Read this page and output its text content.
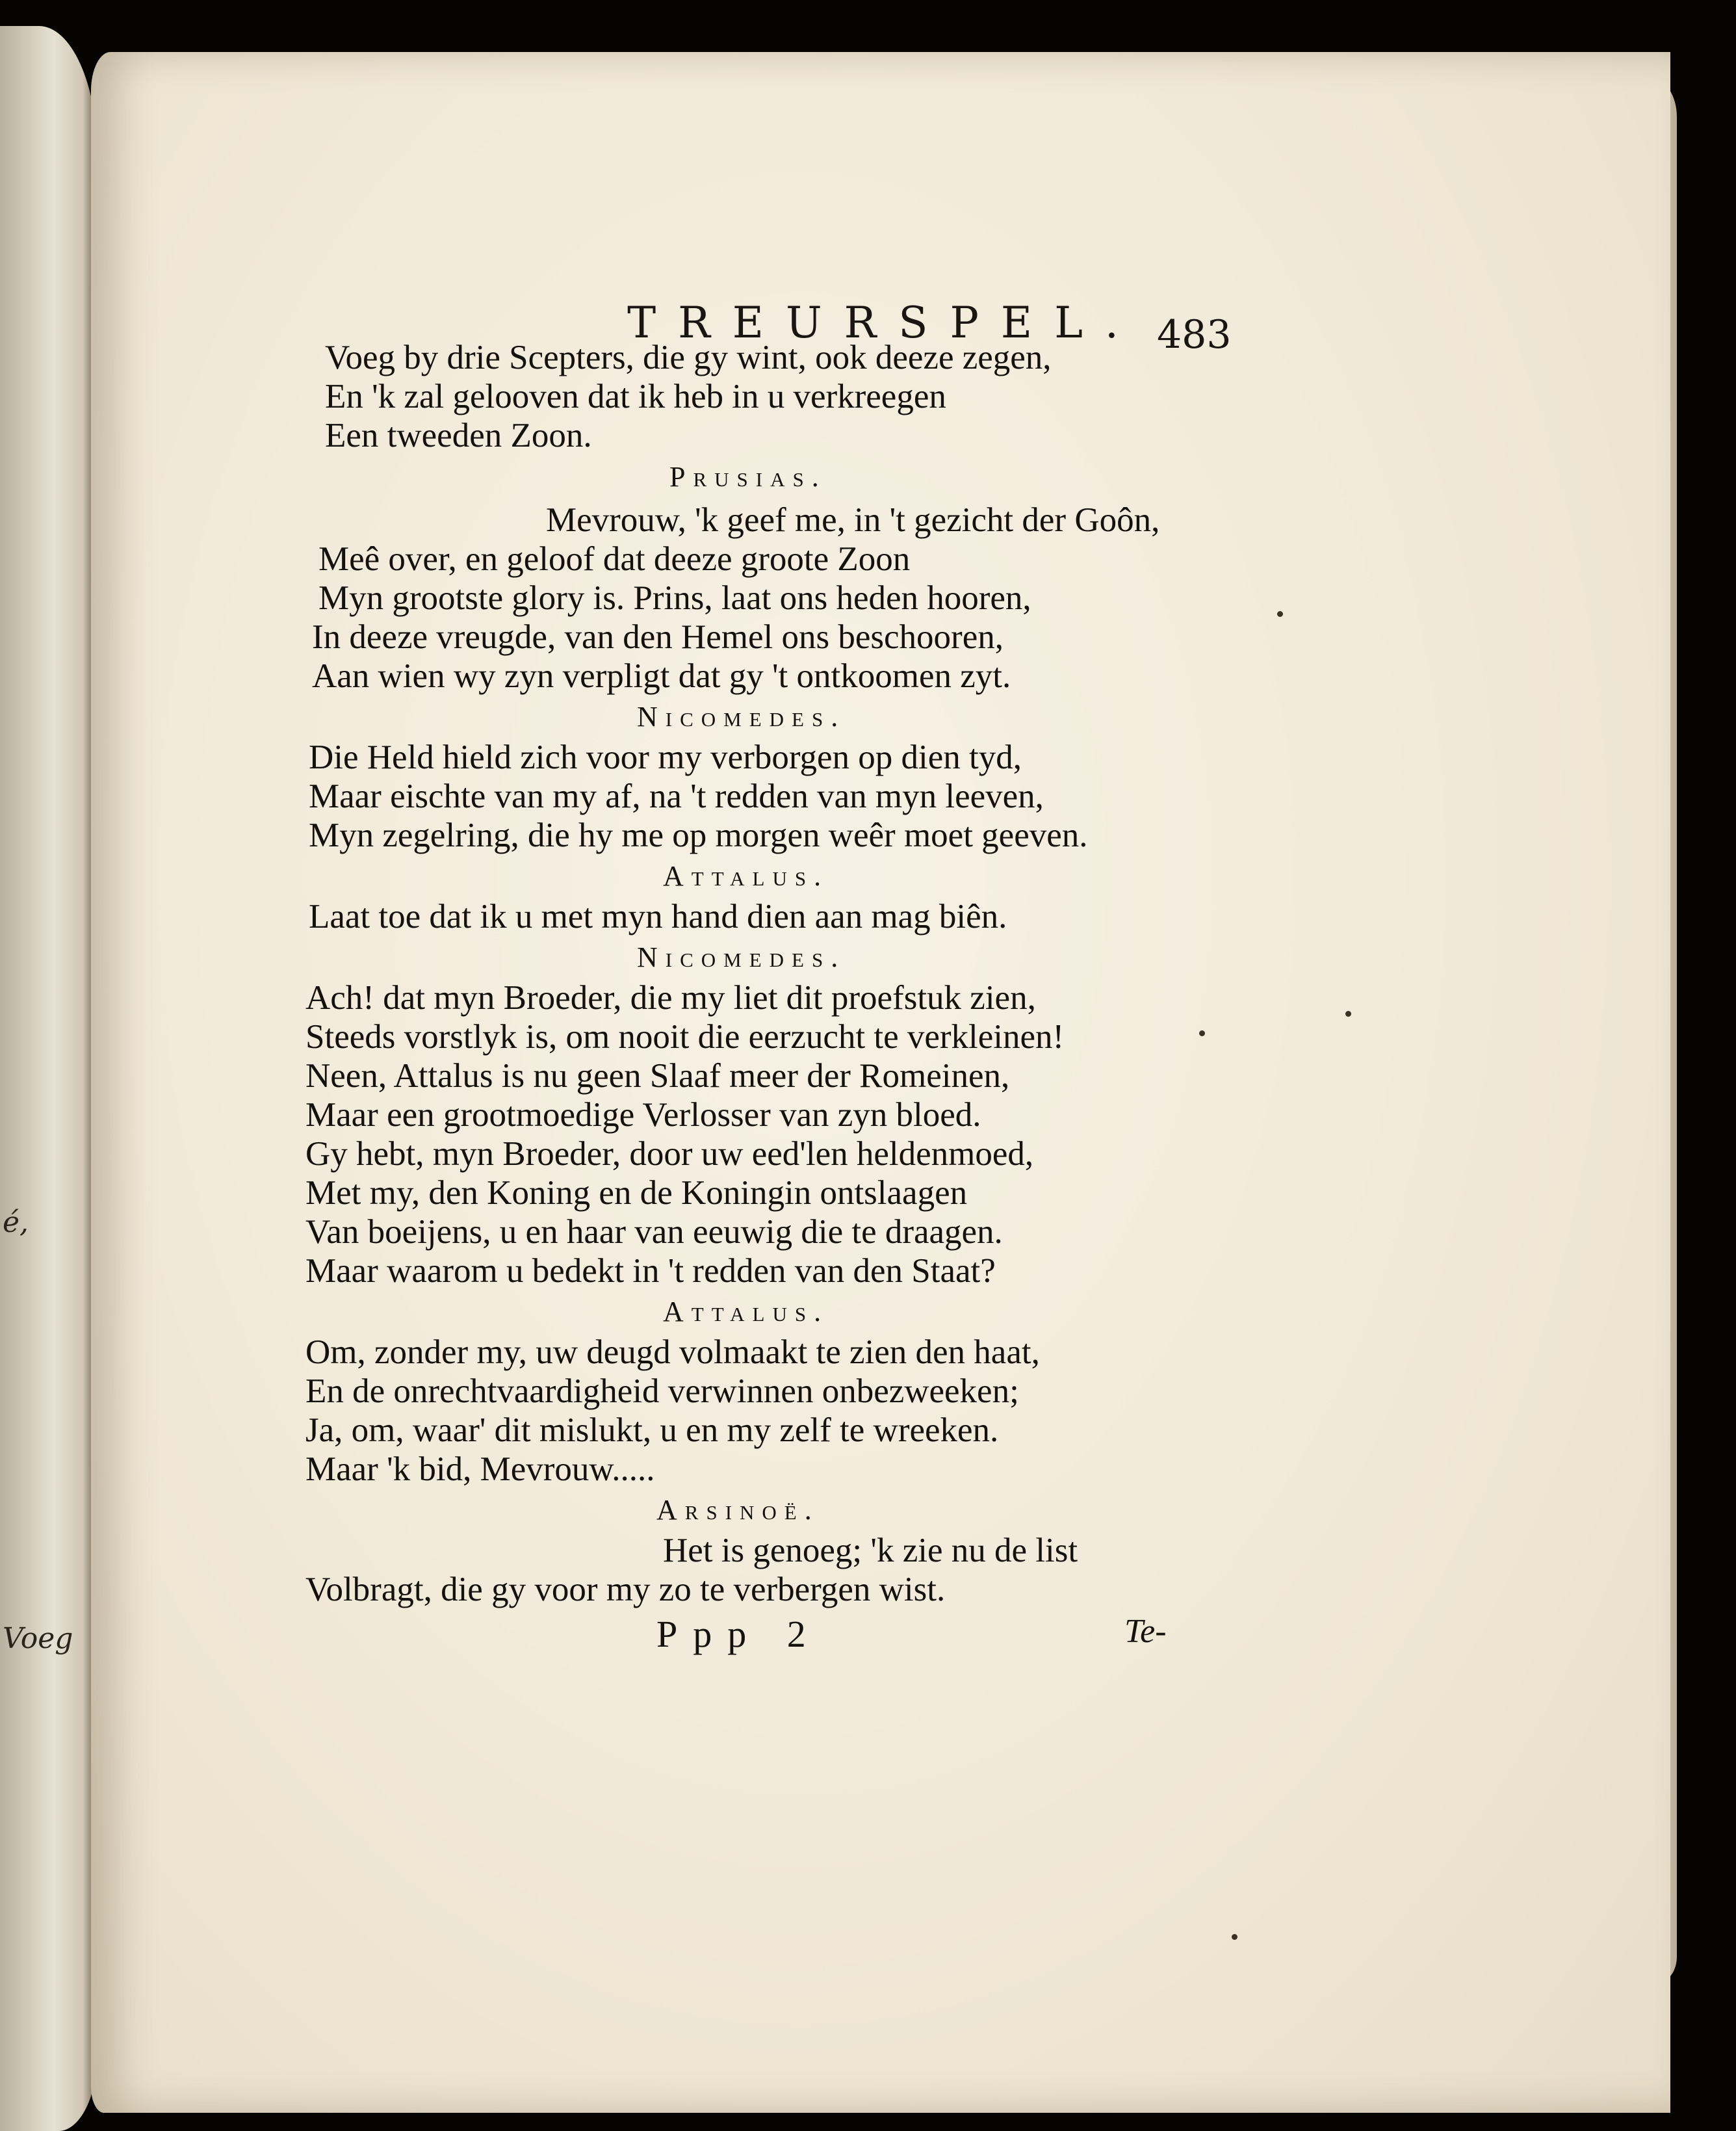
é,
Voeg
TREURSPEL. 483
Voeg by drie Scepters, die gy wint, ook deeze zegen,
En 'k zal gelooven dat ik heb in u verkreegen
Een tweeden Zoon.
Prusias.
Mevrouw, 'k geef me, in 't gezicht der Goôn,
Meê over, en geloof dat deeze groote Zoon
Myn grootste glory is. Prins, laat ons heden hooren,
In deeze vreugde, van den Hemel ons beschooren,
Aan wien wy zyn verpligt dat gy 't ontkoomen zyt.
Nicomedes.
Die Held hield zich voor my verborgen op dien tyd,
Maar eischte van my af, na 't redden van myn leeven,
Myn zegelring, die hy me op morgen weêr moet geeven.
Attalus.
Laat toe dat ik u met myn hand dien aan mag biên.
Nicomedes.
Ach! dat myn Broeder, die my liet dit proefstuk zien,
Steeds vorstlyk is, om nooit die eerzucht te verkleinen!
Neen, Attalus is nu geen Slaaf meer der Romeinen,
Maar een grootmoedige Verlosser van zyn bloed.
Gy hebt, myn Broeder, door uw eed'len heldenmoed,
Met my, den Koning en de Koningin ontslaagen
Van boeijens, u en haar van eeuwig die te draagen.
Maar waarom u bedekt in 't redden van den Staat?
Attalus.
Om, zonder my, uw deugd volmaakt te zien den haat,
En de onrechtvaardigheid verwinnen onbezweeken;
Ja, om, waar' dit mislukt, u en my zelf te wreeken.
Maar 'k bid, Mevrouw.....
Arsinoë.
Het is genoeg; 'k zie nu de list
Volbragt, die gy voor my zo te verbergen wist.
Ppp 2	Te-
